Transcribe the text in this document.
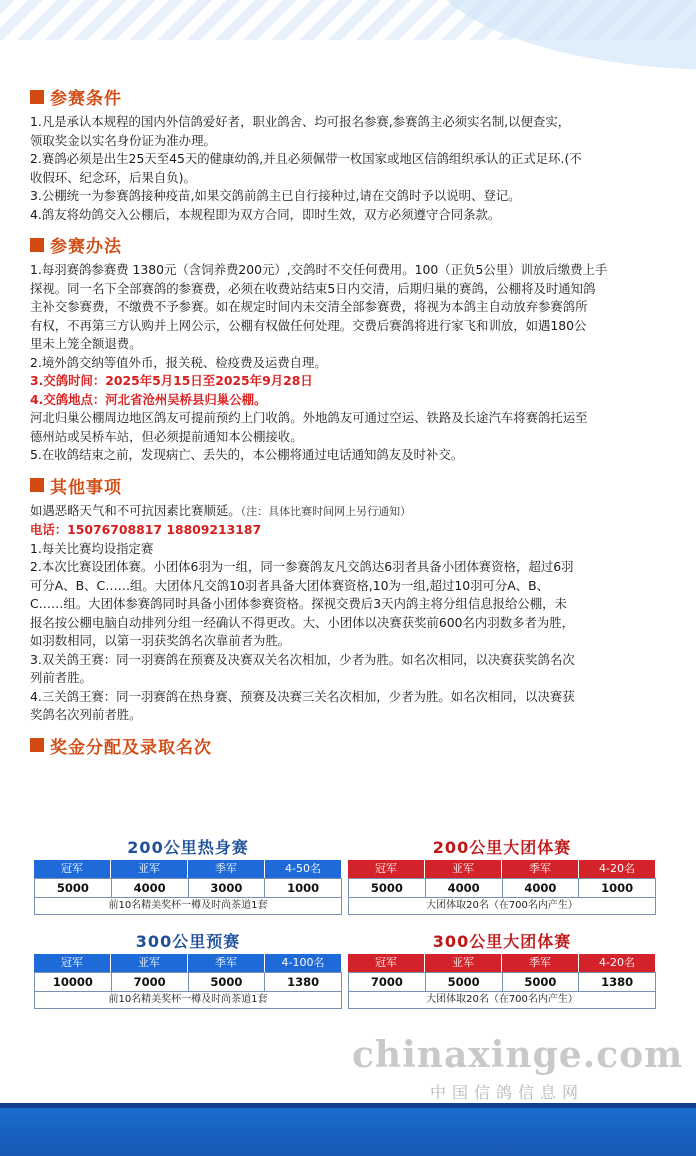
参赛条件

1.凡是承认本规程的国内外信鸽爱好者，职业鸽舍、均可报名参赛,参赛鸽主必须实名制,以便查实，

领取奖金以实名身份证为准办理。

2.赛鸽必须是出生25天至45天的健康幼鸽,并且必须佩带一枚国家或地区信鸽组织承认的正式足环.(不

收假环、纪念环，后果自负)。

3.公棚统一为参赛鸽接种疫苗,如果交鸽前鸽主已自行接种过,请在交鸽时予以说明、登记。

4.鸽友将幼鸽交入公棚后，本规程即为双方合同，即时生效，双方必须遵守合同条款。

参赛办法

1.每羽赛鸽参赛费 1380元（含饲养费200元）,交鸽时不交任何费用。100（正负5公里）训放后缴费上手

探视。同一名下全部赛鸽的参赛费，必须在收费站结束5日内交清，后期归巢的赛鸽，公棚将及时通知鸽

主补交参赛费，不缴费不予参赛。如在规定时间内未交清全部参赛费，将视为本鸽主自动放弃参赛鸽所

有权，不再第三方认购并上网公示，公棚有权做任何处理。交费后赛鸽将进行家飞和训放，如遇180公

里未上笼全额退费。

2.境外鸽交纳等值外币，报关税、检疫费及运费自理。

3.交鸽时间：2025年5月15日至2025年9月28日

4.交鸽地点：河北省沧州吴桥县归巢公棚。

河北归巢公棚周边地区鸽友可提前预约上门收鸽。外地鸽友可通过空运、铁路及长途汽车将赛鸽托运至

德州站或吴桥车站，但必须提前通知本公棚接收。

5.在收鸽结束之前，发现病亡、丢失的，本公棚将通过电话通知鸽友及时补交。

其他事项

如遇恶略天气和不可抗因素比赛顺延。（注：具体比赛时间网上另行通知）

电话：15076708817 18809213187

1.每关比赛均设指定赛

2.本次比赛设团体赛。小团体6羽为一组，同一参赛鸽友凡交鸽达6羽者具备小团体赛资格，超过6羽

可分A、B、C……组。大团体凡交鸽10羽者具备大团体赛资格,10为一组,超过10羽可分A、B、

C……组。大团体参赛鸽同时具备小团体参赛资格。探视交费后3天内鸽主将分组信息报给公棚，未

报名按公棚电脑自动排列分组一经确认不得更改。大、小团体以决赛获奖前600名内羽数多者为胜，

如羽数相同，以第一羽获奖鸽名次靠前者为胜。

3.双关鸽王赛：同一羽赛鸽在预赛及决赛双关名次相加，少者为胜。如名次相同，以决赛获奖鸽名次

列前者胜。

4.三关鸽王赛：同一羽赛鸽在热身赛、预赛及决赛三关名次相加，少者为胜。如名次相同，以决赛获

奖鸽名次列前者胜。

奖金分配及录取名次
200公里热身赛
冠军	亚军	季军	4-50名
5000	4000	3000	1000
前10名精美奖杯一樽及时尚茶道1套
200公里大团体赛
冠军	亚军	季军	4-20名
5000	4000	4000	1000
大团体取20名（在700名内产生）
300公里预赛
冠军	亚军	季军	4-100名
10000	7000	5000	1380
前10名精美奖杯一樽及时尚茶道1套
300公里大团体赛
冠军	亚军	季军	4-20名
7000	5000	5000	1380
大团体取20名（在700名内产生）
chinaxinge.com
中国信鸽信息网
